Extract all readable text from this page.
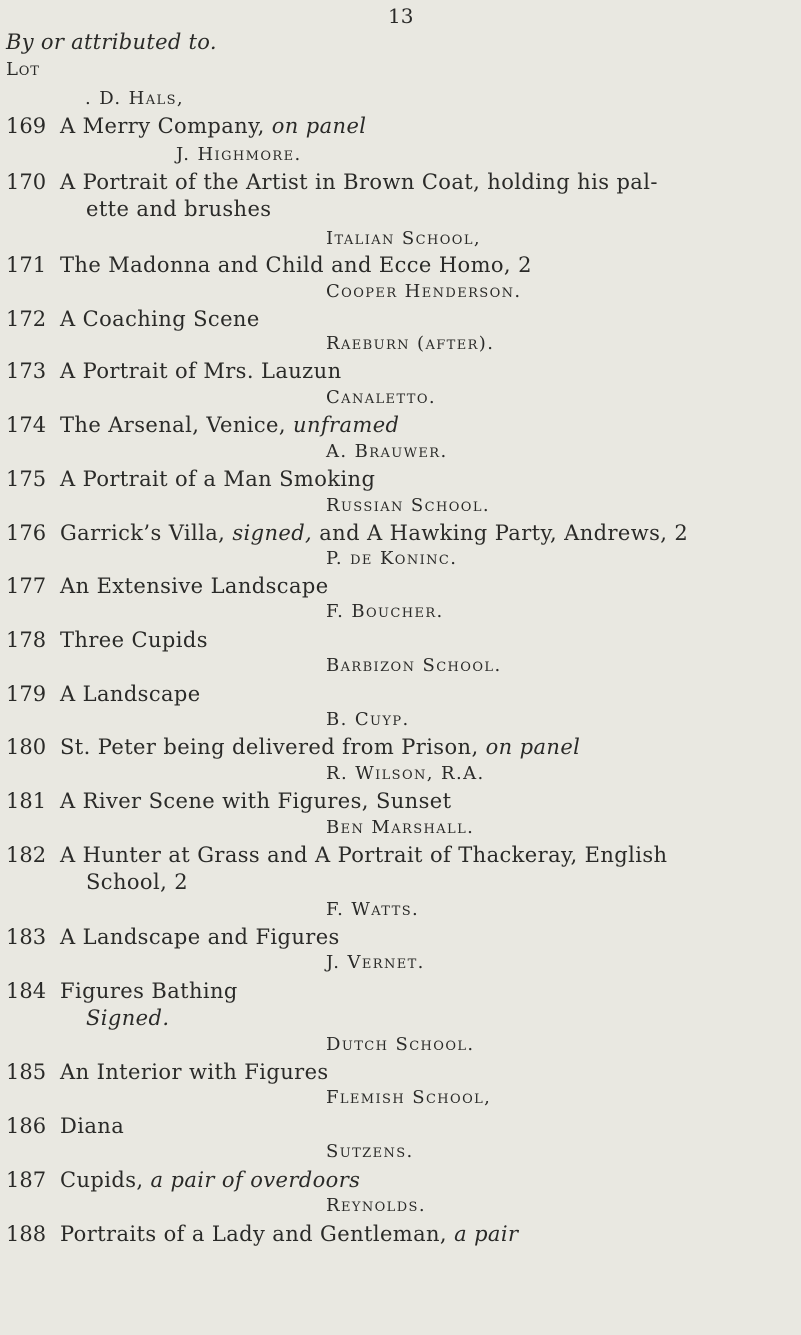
13
By or attributed to.
Lot
. D. Hals,
169 A Merry Company, on panel
J. Highmore.
170 A Portrait of the Artist in Brown Coat, holding his pal-
ette and brushes
Italian School,
171 The Madonna and Child and Ecce Homo, 2
Cooper Henderson.
172 A Coaching Scene
Raeburn (after).
173 A Portrait of Mrs. Lauzun
Canaletto.
174 The Arsenal, Venice, unframed
A. Brauwer.
175 A Portrait of a Man Smoking
Russian School.
176 Garrick’s Villa, signed, and A Hawking Party, Andrews, 2
P. de Koninc.
177 An Extensive Landscape
F. Boucher.
178 Three Cupids
Barbizon School.
179 A Landscape
B. Cuyp.
180 St. Peter being delivered from Prison, on panel
R. Wilson, R.A.
181 A River Scene with Figures, Sunset
Ben Marshall.
182 A Hunter at Grass and A Portrait of Thackeray, English
School, 2
F. Watts.
183 A Landscape and Figures
J. Vernet.
184 Figures Bathing
Signed.
Dutch School.
185 An Interior with Figures
Flemish School,
186 Diana
Sutzens.
187 Cupids, a pair of overdoors
Reynolds.
188 Portraits of a Lady and Gentleman, a pair
